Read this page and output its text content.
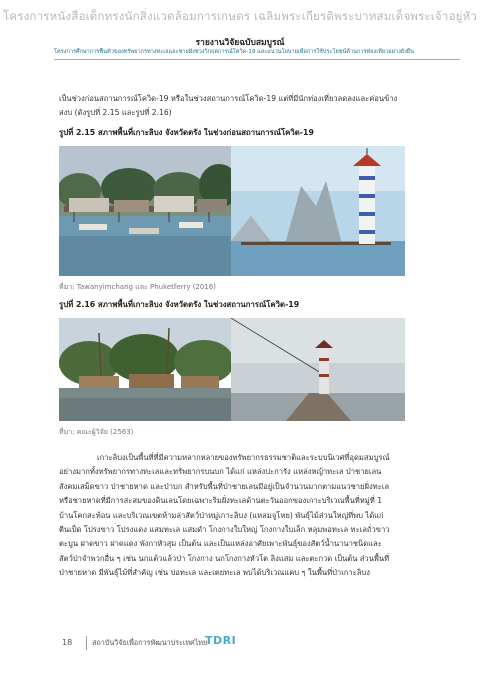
โครงการหนังสือเด็กทรงนักสิ่งแวดล้อมการเกษตร เฉลิมพระเกียรติพระบาทสมเด็จพระเจ้าอยู่หัว
รายงานวิจัยฉบับสมบูรณ์
โครงการศึกษาการฟื้นตัวของทรัพยากรทางทะเลและชายฝั่งช่วงวิกฤตการณ์โควิด-19 และแนวนโยบายเพื่อการใช้ประโยชน์ด้านการท่องเที่ยวอย่างยั่งยืน

เป็นช่วงก่อนสถานการณ์โควิด-19 หรือในช่วงสถานการณ์โควิด-19 แต่ที่มีนักท่องเที่ยวลดลงและค่อนข้าง

สงบ (ดังรูปที่ 2.15 และรูปที่ 2.16)

รูปที่ 2.15 สภาพพื้นที่เกาะลิบง จังหวัดตรัง ในช่วงก่อนสถานการณ์โควิด-19
ที่มา: Tawanyimchang และ Phuketferry (2016)
รูปที่ 2.16 สภาพพื้นที่เกาะลิบง จังหวัดตรัง ในช่วงสถานการณ์โควิด-19
ที่มา: คณะผู้วิจัย (2563)

เกาะลิบงเป็นพื้นที่ที่มีความหลากหลายของทรัพยากรธรรมชาติและระบบนิเวศที่อุดมสมบูรณ์

อย่างมากทั้งทรัพยากรทางทะเลและทรัพยากรบนบก ได้แก่ แหล่งปะการัง แหล่งหญ้าทะเล ป่าชายเลน

สังคมเสม็ดขาว ป่าชายหาด และป่าบก สำหรับพื้นที่ป่าชายเลนมีอยู่เป็นจำนวนมากตามแนวชายฝั่งทะเล

หรือชายหาดที่มีการสะสมของดินเลนโดยเฉพาะริมฝั่งทะเลด้านตะวันออกของเกาะบริเวณพื้นที่หมู่ที่ 1

บ้านโคกสะท้อน และบริเวณเขตห้ามล่าสัตว์ป่าหมู่เกาะลิบง (แหลมจูโหย) พันธุ์ไม้ส่วนใหญ่ที่พบ ได้แก่

ตีนเป็ด โปรงขาว โปรงแดง แสมทะเล แสมดำ โกงกางใบใหญ่ โกงกางใบเล็ก หลุมพอทะเล ทะเลถั่วขาว

ตะบูน ฝาดขาว ฝาดแดง พังกาหัวสุม เป็นต้น และเป็นแหล่งอาศัยเพาะพันธุ์ของสัตว์น้ำนานาชนิดและ

สัตว์ป่าจำพวกอื่น ๆ เช่น นกแต้วแล้วป่า โกงกาง นกโกงกางหัวโต ลิงแสม และตะกวด เป็นต้น ส่วนพื้นที่

ป่าชายหาด มีพันธุ์ไม้ที่สำคัญ เช่น ปอทะเล และเตยทะเล พบได้บริเวณแคบ ๆ ในพื้นที่ป่าเกาะลิบง

18	สถาบันวิจัยเพื่อการพัฒนาประเทศไทย
TDRI
